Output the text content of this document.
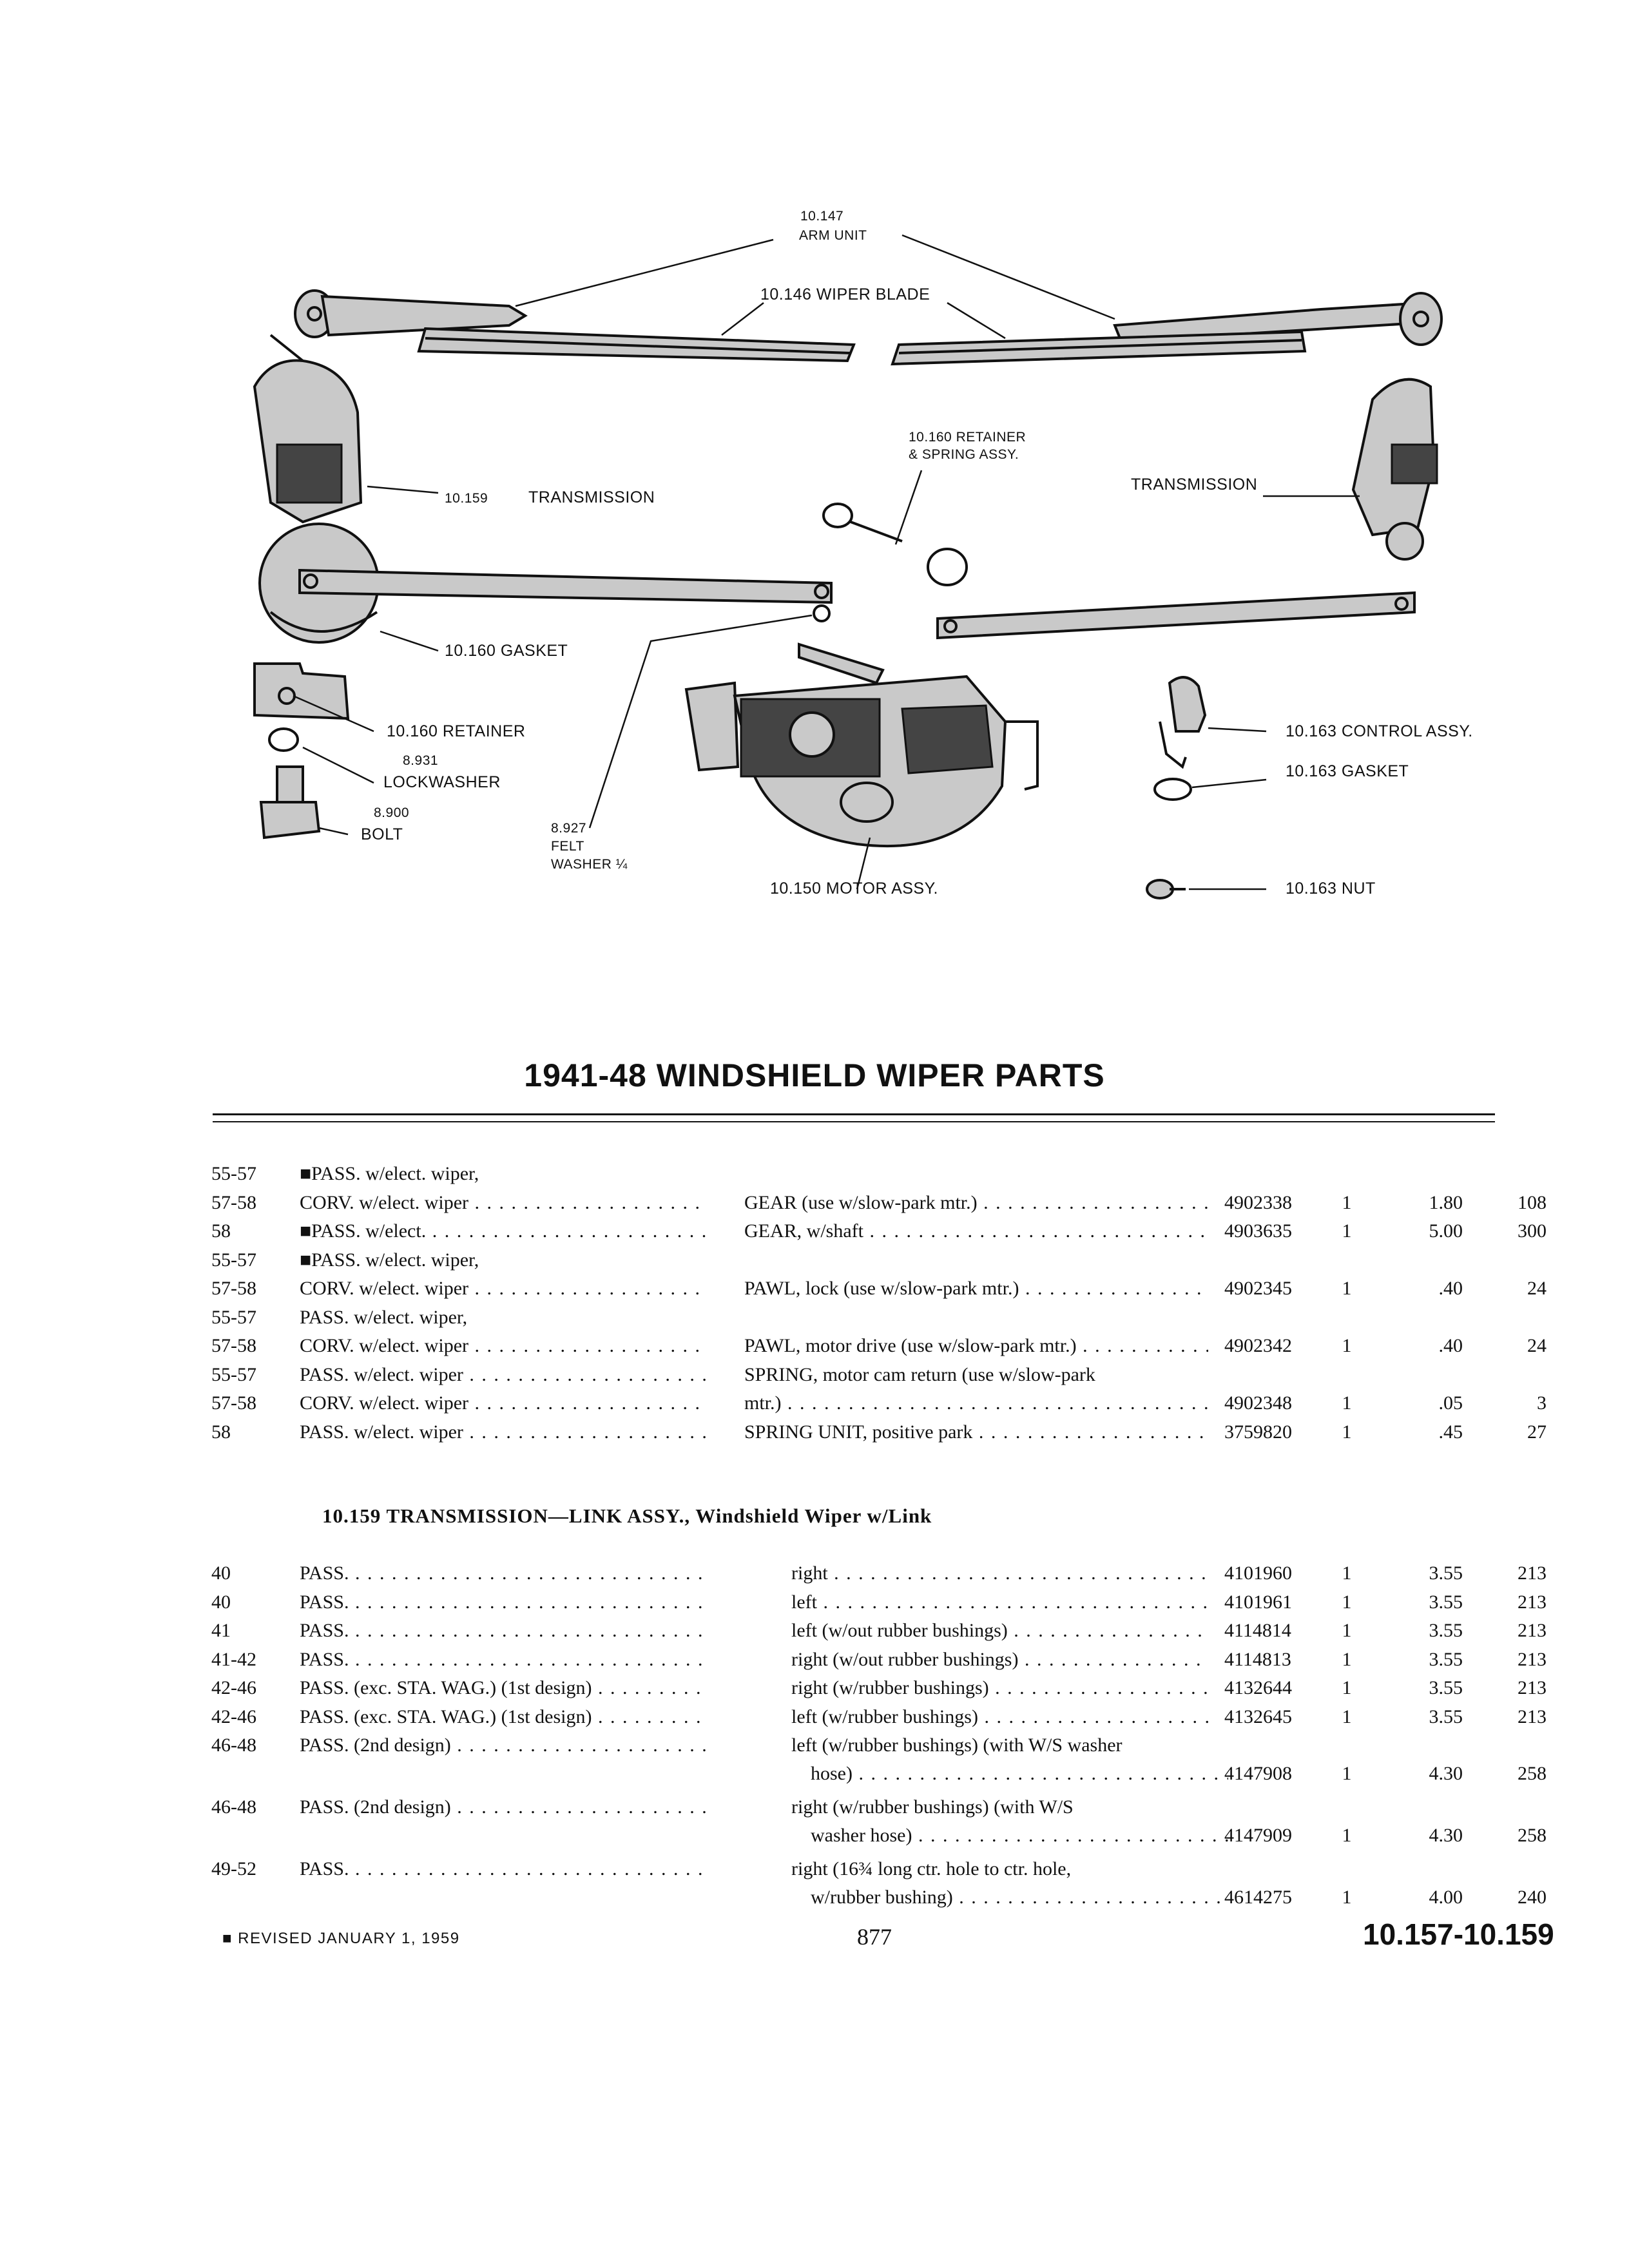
10.147
ARM UNIT
10.146 WIPER BLADE
10.159	TRANSMISSION
10.160 RETAINER
& SPRING ASSY.
TRANSMISSION
10.160 GASKET
10.160 RETAINER
8.931
LOCKWASHER
8.900
BOLT	8.927
FELT
WASHER ¼
10.150 MOTOR ASSY.
10.163 CONTROL ASSY.
10.163 GASKET
10.163 NUT
1941-48 WINDSHIELD WIPER PARTS
55-57 ■PASS. w/elect. wiper,
57-58 CORV. w/elect. wiper . . .	GEAR (use w/slow-park mtr.) . . .	4902338	1	1.80	108
58	■PASS. w/elect. . . .	GEAR, w/shaft . . .	4903635	1	5.00	300
55-57 ■PASS. w/elect. wiper,
57-58 CORV. w/elect. wiper . . .	PAWL, lock (use w/slow-park mtr.) . . .	4902345	1	.40	24
55-57 PASS. w/elect. wiper,
57-58 CORV. w/elect. wiper . . .	PAWL, motor drive (use w/slow-park mtr.) . . .	4902342	1	.40	24
55-57 PASS. w/elect. wiper . . .	SPRING, motor cam return (use w/slow-park
57-58 CORV. w/elect. wiper . . .	mtr.) . . .	4902348	1	.05	3
58	PASS. w/elect. wiper . . .	SPRING UNIT, positive park . . .	3759820	1	.45	27
10.159 TRANSMISSION—LINK ASSY., Windshield Wiper w/Link
40	PASS. . . .	right . . .	4101960	1	3.55	213
40	PASS. . . .	left . . .	4101961	1	3.55	213
41	PASS. . . .	left (w/out rubber bushings) . . .	4114814	1	3.55	213
41-42 PASS. . . .	right (w/out rubber bushings) . . .	4114813	1	3.55	213
42-46 PASS. (exc. STA. WAG.) (1st design) . . .	right (w/rubber bushings) . . .	4132644	1	3.55	213
42-46 PASS. (exc. STA. WAG.) (1st design) . . .	left (w/rubber bushings) . . .	4132645	1	3.55	213
46-48 PASS. (2nd design) . . .	left (w/rubber bushings) (with W/S washer
hose) . . .	4147908	1	4.30	258
46-48 PASS. (2nd design) . . .	right (w/rubber bushings) (with W/S
washer hose) . . .	4147909	1	4.30	258
49-52 PASS. . . .	right (16¾ long ctr. hole to ctr. hole,
w/rubber bushing) . . .	4614275	1	4.00	240
■ REVISED JANUARY 1, 1959	877	10.157-10.159
